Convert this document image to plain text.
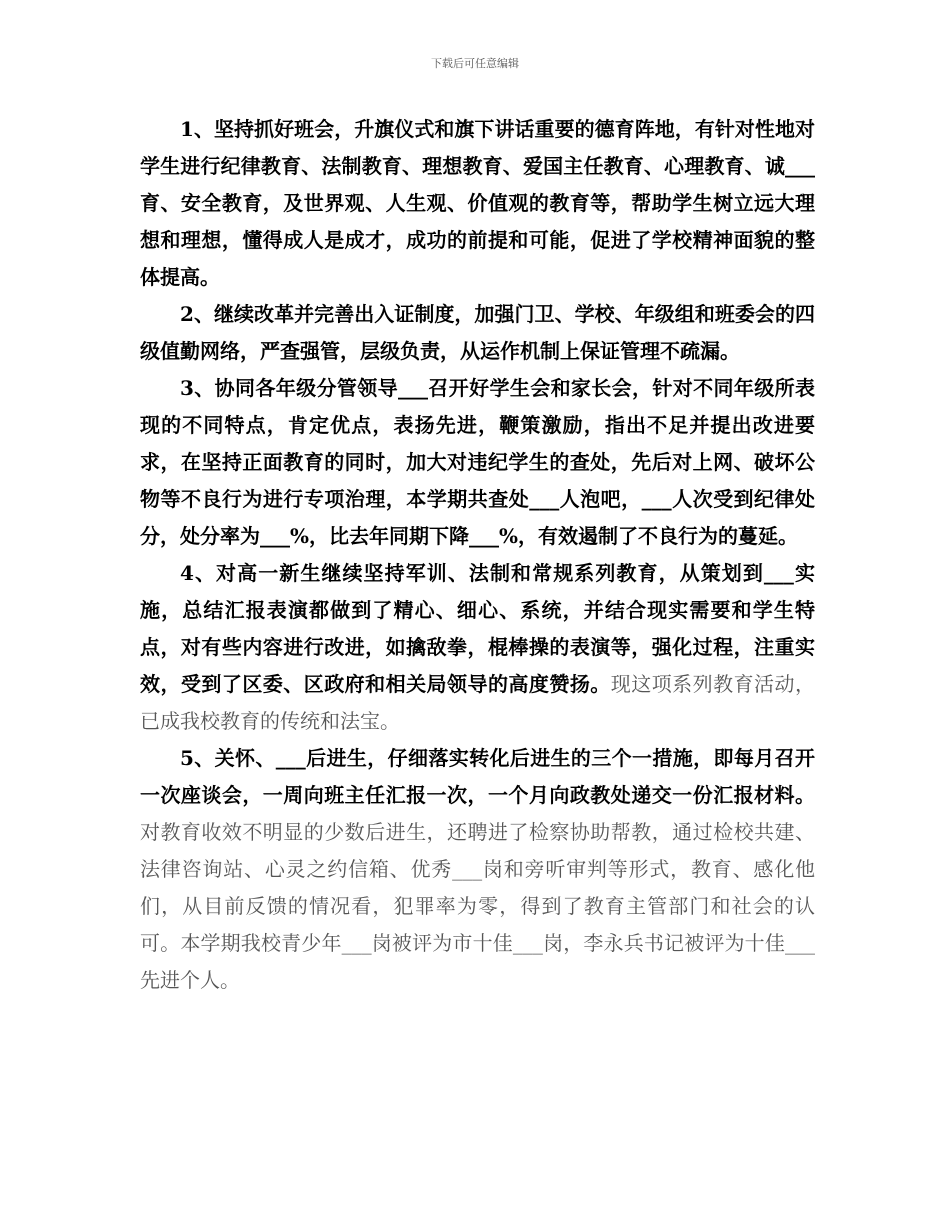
下载后可任意编辑

1、坚持抓好班会，升旗仪式和旗下讲话重要的德育阵地，有针对性地对学生进行纪律教育、法制教育、理想教育、爱国主任教育、心理教育、诚___育、安全教育，及世界观、人生观、价值观的教育等，帮助学生树立远大理想和理想，懂得成人是成才，成功的前提和可能，促进了学校精神面貌的整体提高。

2、继续改革并完善出入证制度，加强门卫、学校、年级组和班委会的四级值勤网络，严查强管，层级负责，从运作机制上保证管理不疏漏。

3、协同各年级分管领导___召开好学生会和家长会，针对不同年级所表现的不同特点，肯定优点，表扬先进，鞭策激励，指出不足并提出改进要求，在坚持正面教育的同时，加大对违纪学生的查处，先后对上网、破坏公物等不良行为进行专项治理，本学期共查处___人泡吧，___人次受到纪律处分，处分率为___%，比去年同期下降___%，有效遏制了不良行为的蔓延。

4、对高一新生继续坚持军训、法制和常规系列教育，从策划到___实施，总结汇报表演都做到了精心、细心、系统，并结合现实需要和学生特点，对有些内容进行改进，如擒敌拳，棍棒操的表演等，强化过程，注重实效，受到了区委、区政府和相关局领导的高度赞扬。现这项系列教育活动，已成我校教育的传统和法宝。

5、关怀、___后进生，仔细落实转化后进生的三个一措施，即每月召开一次座谈会，一周向班主任汇报一次，一个月向政教处递交一份汇报材料。对教育收效不明显的少数后进生，还聘进了检察协助帮教，通过检校共建、法律咨询站、心灵之约信箱、优秀___岗和旁听审判等形式，教育、感化他们，从目前反馈的情况看，犯罪率为零，得到了教育主管部门和社会的认可。本学期我校青少年___岗被评为市十佳___岗，李永兵书记被评为十佳___先进个人。
